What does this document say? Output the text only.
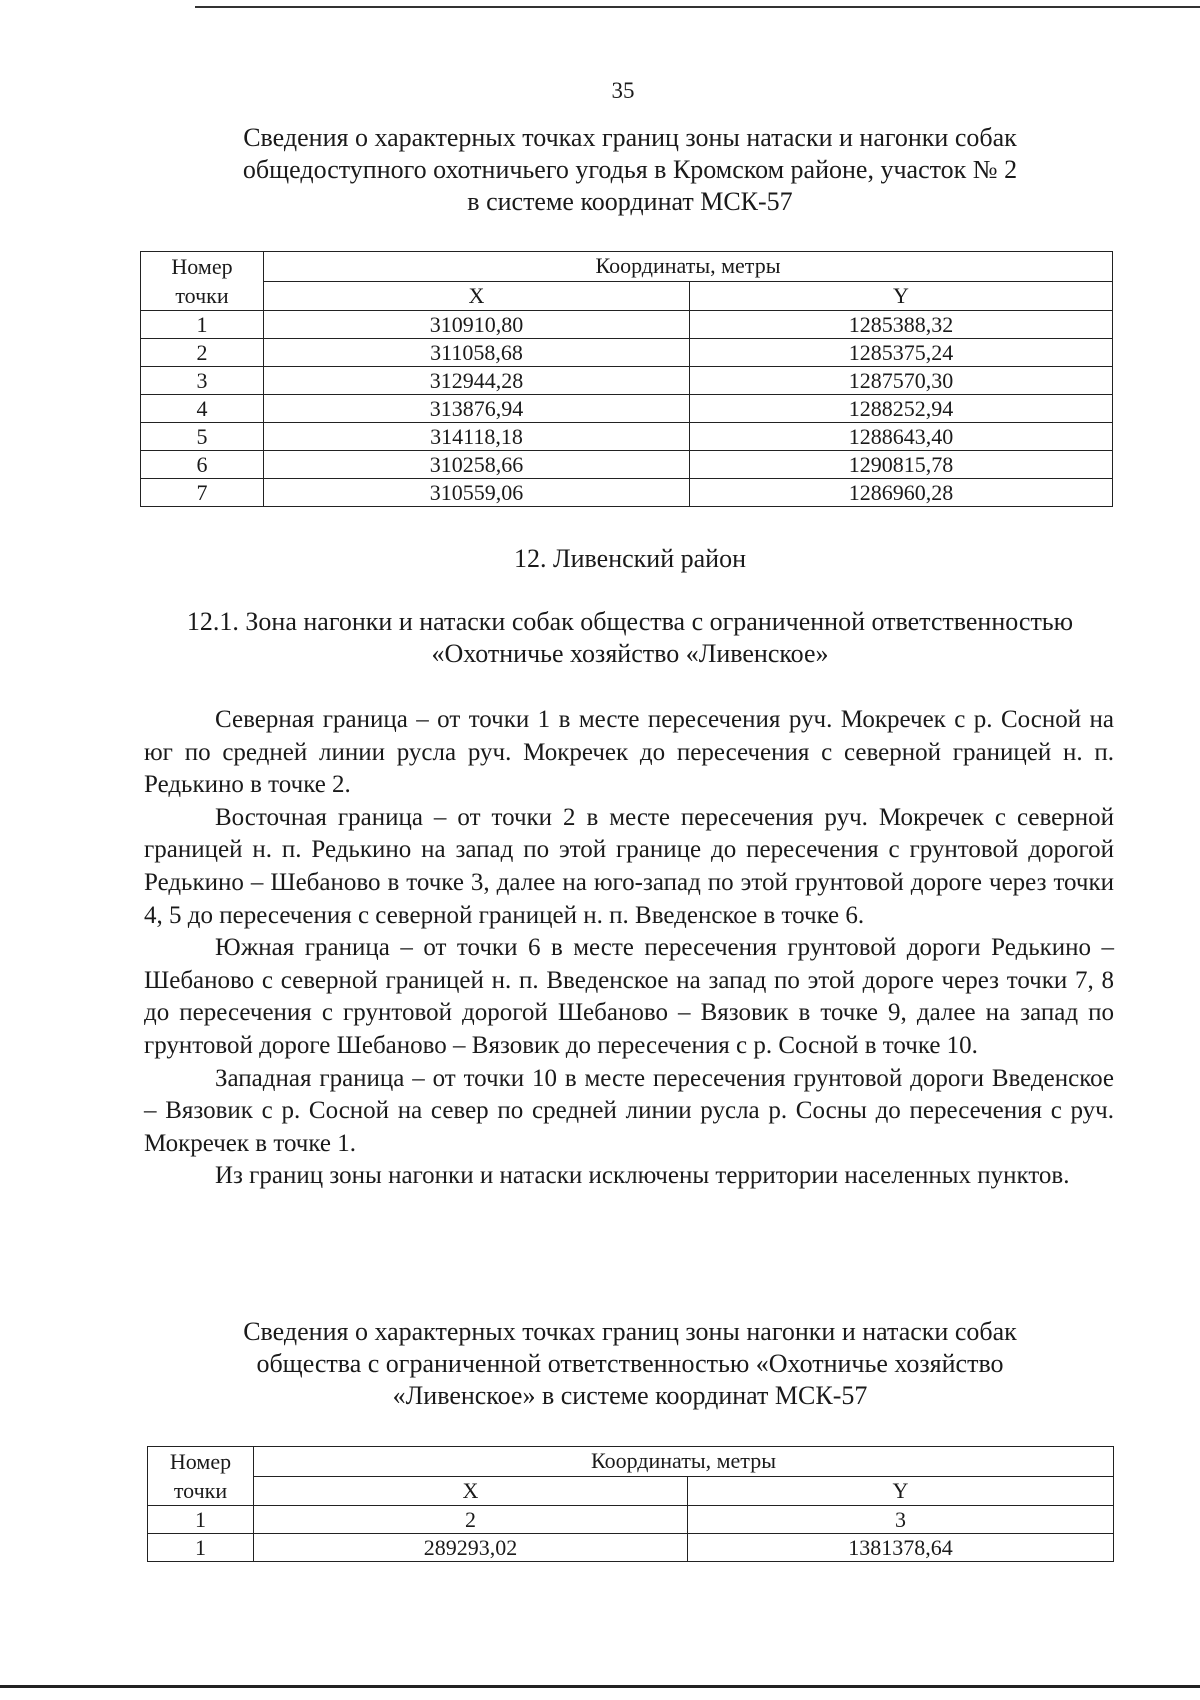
35
Сведения о характерных точках границ зоны натаски и нагонки собак
общедоступного охотничьего угодья в Кромском районе, участок № 2
в системе координат МСК-57
Номер
точки	Координаты, метры	
	X	Y
1	310910,80	1285388,32
2	311058,68	1285375,24
3	312944,28	1287570,30
4	313876,94	1288252,94
5	314118,18	1288643,40
6	310258,66	1290815,78
7	310559,06	1286960,28
12. Ливенский район
12.1. Зона нагонки и натаски собак общества с ограниченной ответственностью
«Охотничье хозяйство «Ливенское»

Северная граница – от точки 1 в месте пересечения руч. Мокречек с р. Сосной на юг по средней линии русла руч. Мокречек до пересечения с северной границей н. п. Редькино в точке 2.

Восточная граница – от точки 2 в месте пересечения руч. Мокречек с северной границей н. п. Редькино на запад по этой границе до пересечения с грунтовой дорогой Редькино – Шебаново в точке 3, далее на юго-запад по этой грунтовой дороге через точки 4, 5 до пересечения с северной границей н. п. Введенское в точке 6.

Южная граница – от точки 6 в месте пересечения грунтовой дороги Редькино – Шебаново с северной границей н. п. Введенское на запад по этой дороге через точки 7, 8 до пересечения с грунтовой дорогой Шебаново – Вязовик в точке 9, далее на запад по грунтовой дороге Шебаново – Вязовик до пересечения с р. Сосной в точке 10.

Западная граница – от точки 10 в месте пересечения грунтовой дороги Введенское – Вязовик с р. Сосной на север по средней линии русла р. Сосны до пересечения с руч. Мокречек в точке 1.

Из границ зоны нагонки и натаски исключены территории населенных пунктов.

Сведения о характерных точках границ зоны нагонки и натаски собак
общества с ограниченной ответственностью «Охотничье хозяйство
«Ливенское» в системе координат МСК-57
Номер
точки	Координаты, метры	
	X	Y
1	2	3
1	289293,02	1381378,64
